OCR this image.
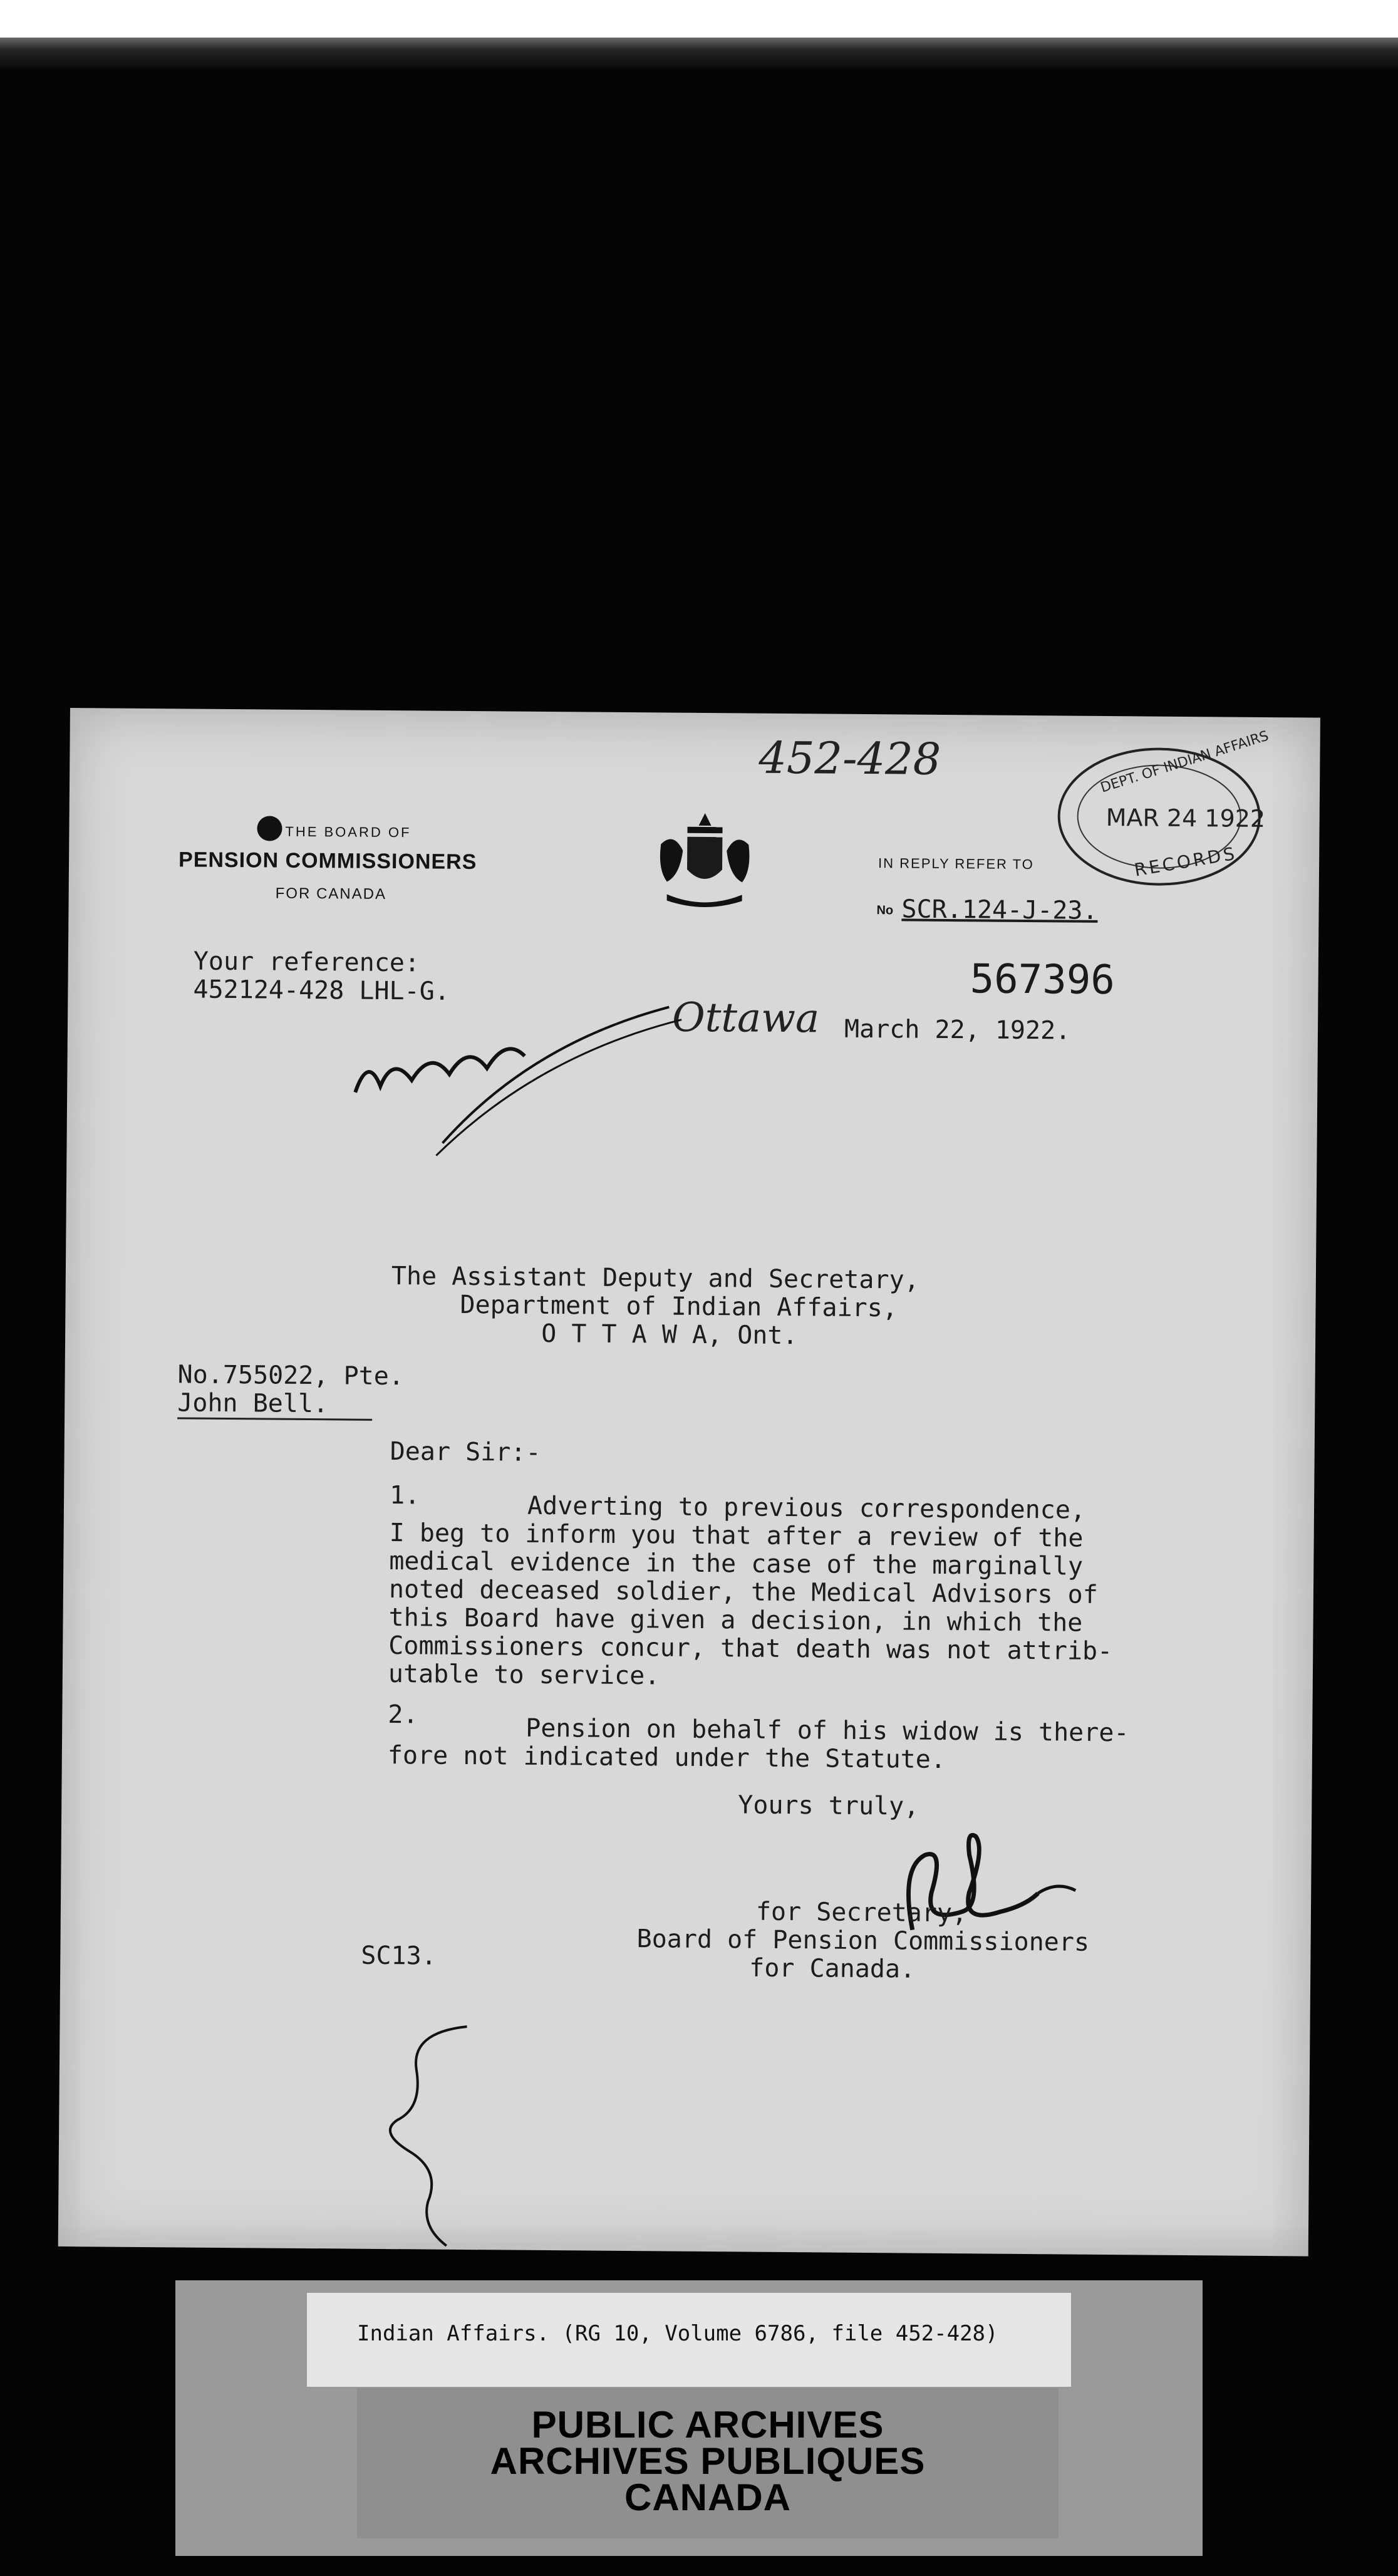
452-428
THE BOARD OF
PENSION COMMISSIONERS
FOR CANADA
IN REPLY REFER TO
No SCR.124-J-23.
DEPT. OF INDIAN AFFAIRS
MAR 24 1922
RECORDS
Your reference:
452124-428 LHL-G.	567396
Ottawa March 22, 1922.
The Assistant Deputy and Secretary,
Department of Indian Affairs,
O T T A W A, Ont.
No.755022, Pte.
John Bell.
Dear Sir:-
1.	Adverting to previous correspondence,
I beg to inform you that after a review of the
medical evidence in the case of the marginally
noted deceased soldier, the Medical Advisors of
this Board have given a decision, in which the
Commissioners concur, that death was not attrib-
utable to service.
2.	Pension on behalf of his widow is there-
fore not indicated under the Statute.
Yours truly,
for Secretary,
Board of Pension Commissioners
for Canada.
SC13.
Indian Affairs. (RG 10, Volume 6786, file 452-428)
PUBLIC ARCHIVES
ARCHIVES PUBLIQUES
CANADA
